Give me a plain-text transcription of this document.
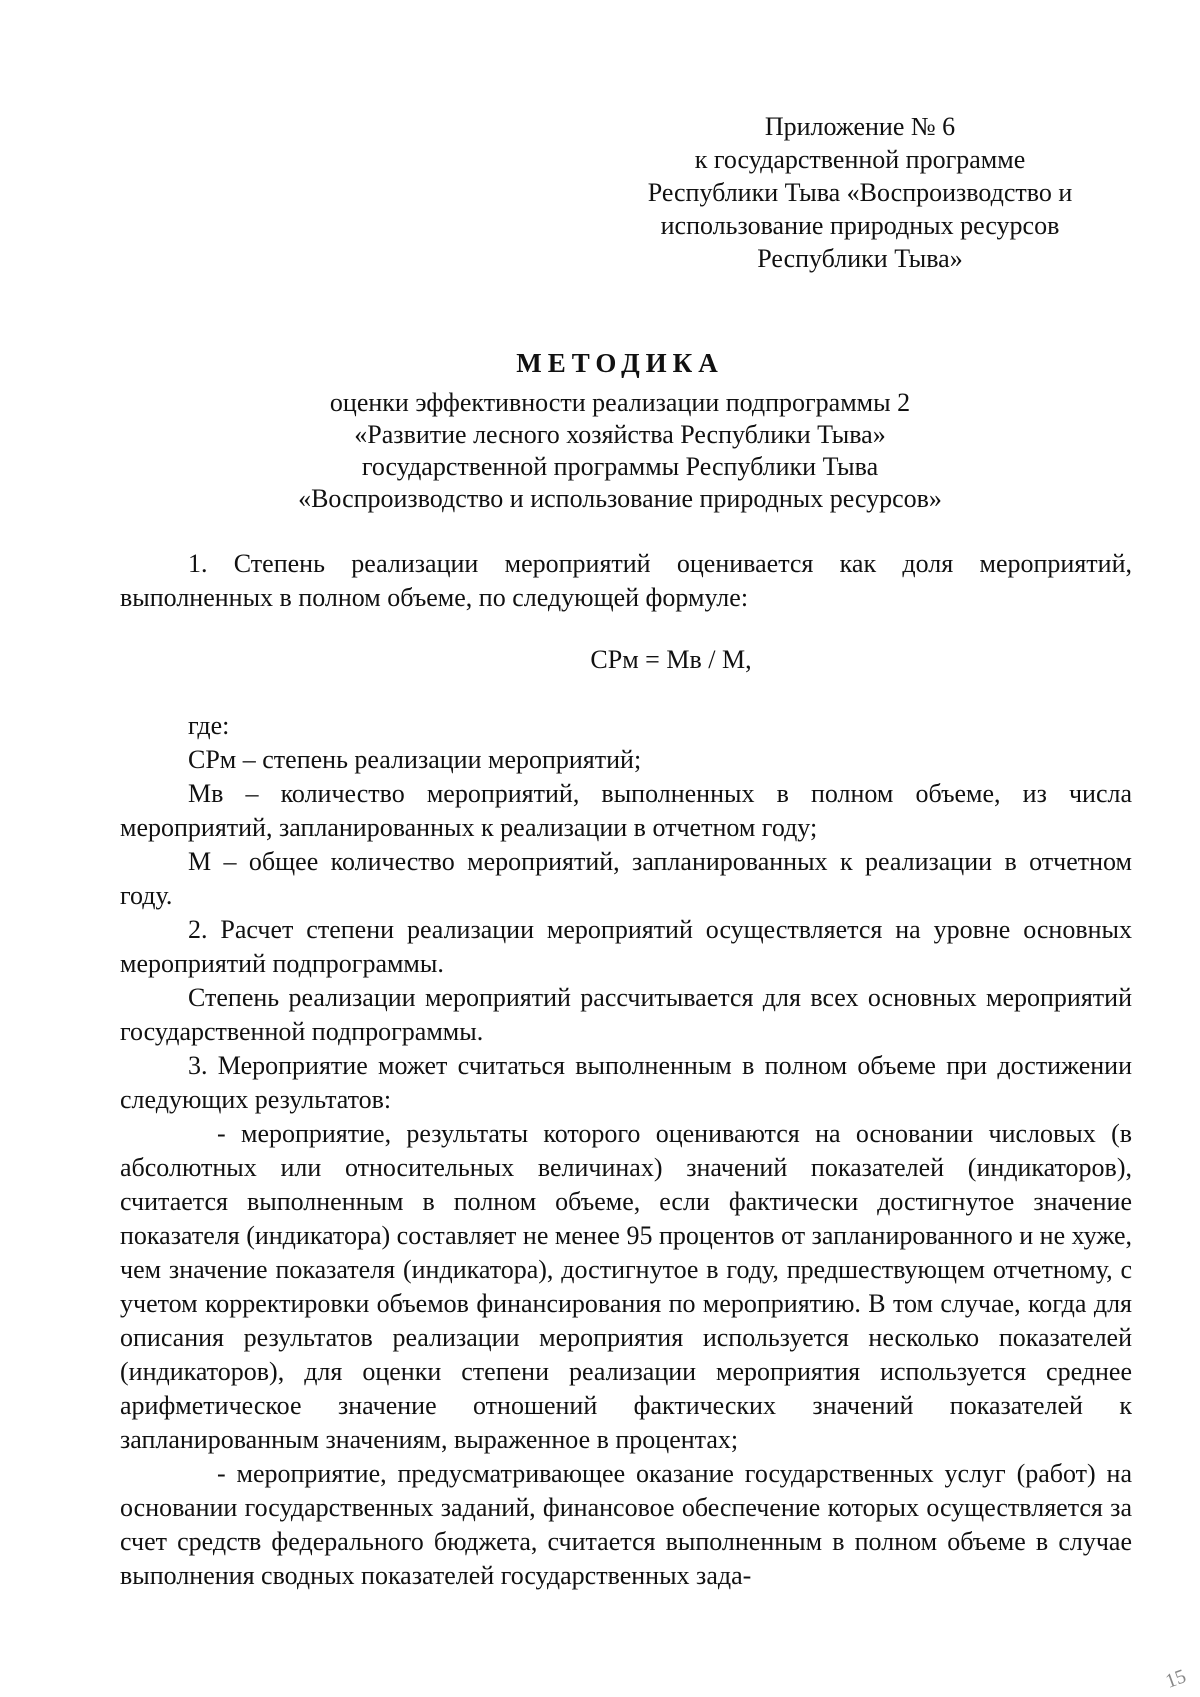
Приложение № 6
к государственной программе
Республики Тыва «Воспроизводство и
использование природных ресурсов
Республики Тыва»
МЕТОДИКА
оценки эффективности реализации подпрограммы 2
«Развитие лесного хозяйства Республики Тыва»
государственной программы Республики Тыва
«Воспроизводство и использование природных ресурсов»

1. Степень реализации мероприятий оценивается как доля мероприятий, выполненных в полном объеме, по следующей формуле:

СРм = Мв / М,

где:

СРм – степень реализации мероприятий;

Мв – количество мероприятий, выполненных в полном объеме, из числа мероприятий, запланированных к реализации в отчетном году;

М – общее количество мероприятий, запланированных к реализации в отчетном году.

2. Расчет степени реализации мероприятий осуществляется на уровне основных мероприятий подпрограммы.

Степень реализации мероприятий рассчитывается для всех основных мероприятий государственной подпрограммы.

3. Мероприятие может считаться выполненным в полном объеме при достижении следующих результатов:

- мероприятие, результаты которого оцениваются на основании числовых (в абсолютных или относительных величинах) значений показателей (индикаторов), считается выполненным в полном объеме, если фактически достигнутое значение показателя (индикатора) составляет не менее 95 процентов от запланированного и не хуже, чем значение показателя (индикатора), достигнутое в году, предшествующем отчетному, с учетом корректировки объемов финансирования по мероприятию. В том случае, когда для описания результатов реализации мероприятия используется несколько показателей (индикаторов), для оценки степени реализации мероприятия используется среднее арифметическое значение отношений фактических значений показателей к запланированным значениям, выраженное в процентах;

- мероприятие, предусматривающее оказание государственных услуг (работ) на основании государственных заданий, финансовое обеспечение которых осуществляется за счет средств федерального бюджета, считается выполненным в полном объеме в случае выполнения сводных показателей государственных зада-

15
